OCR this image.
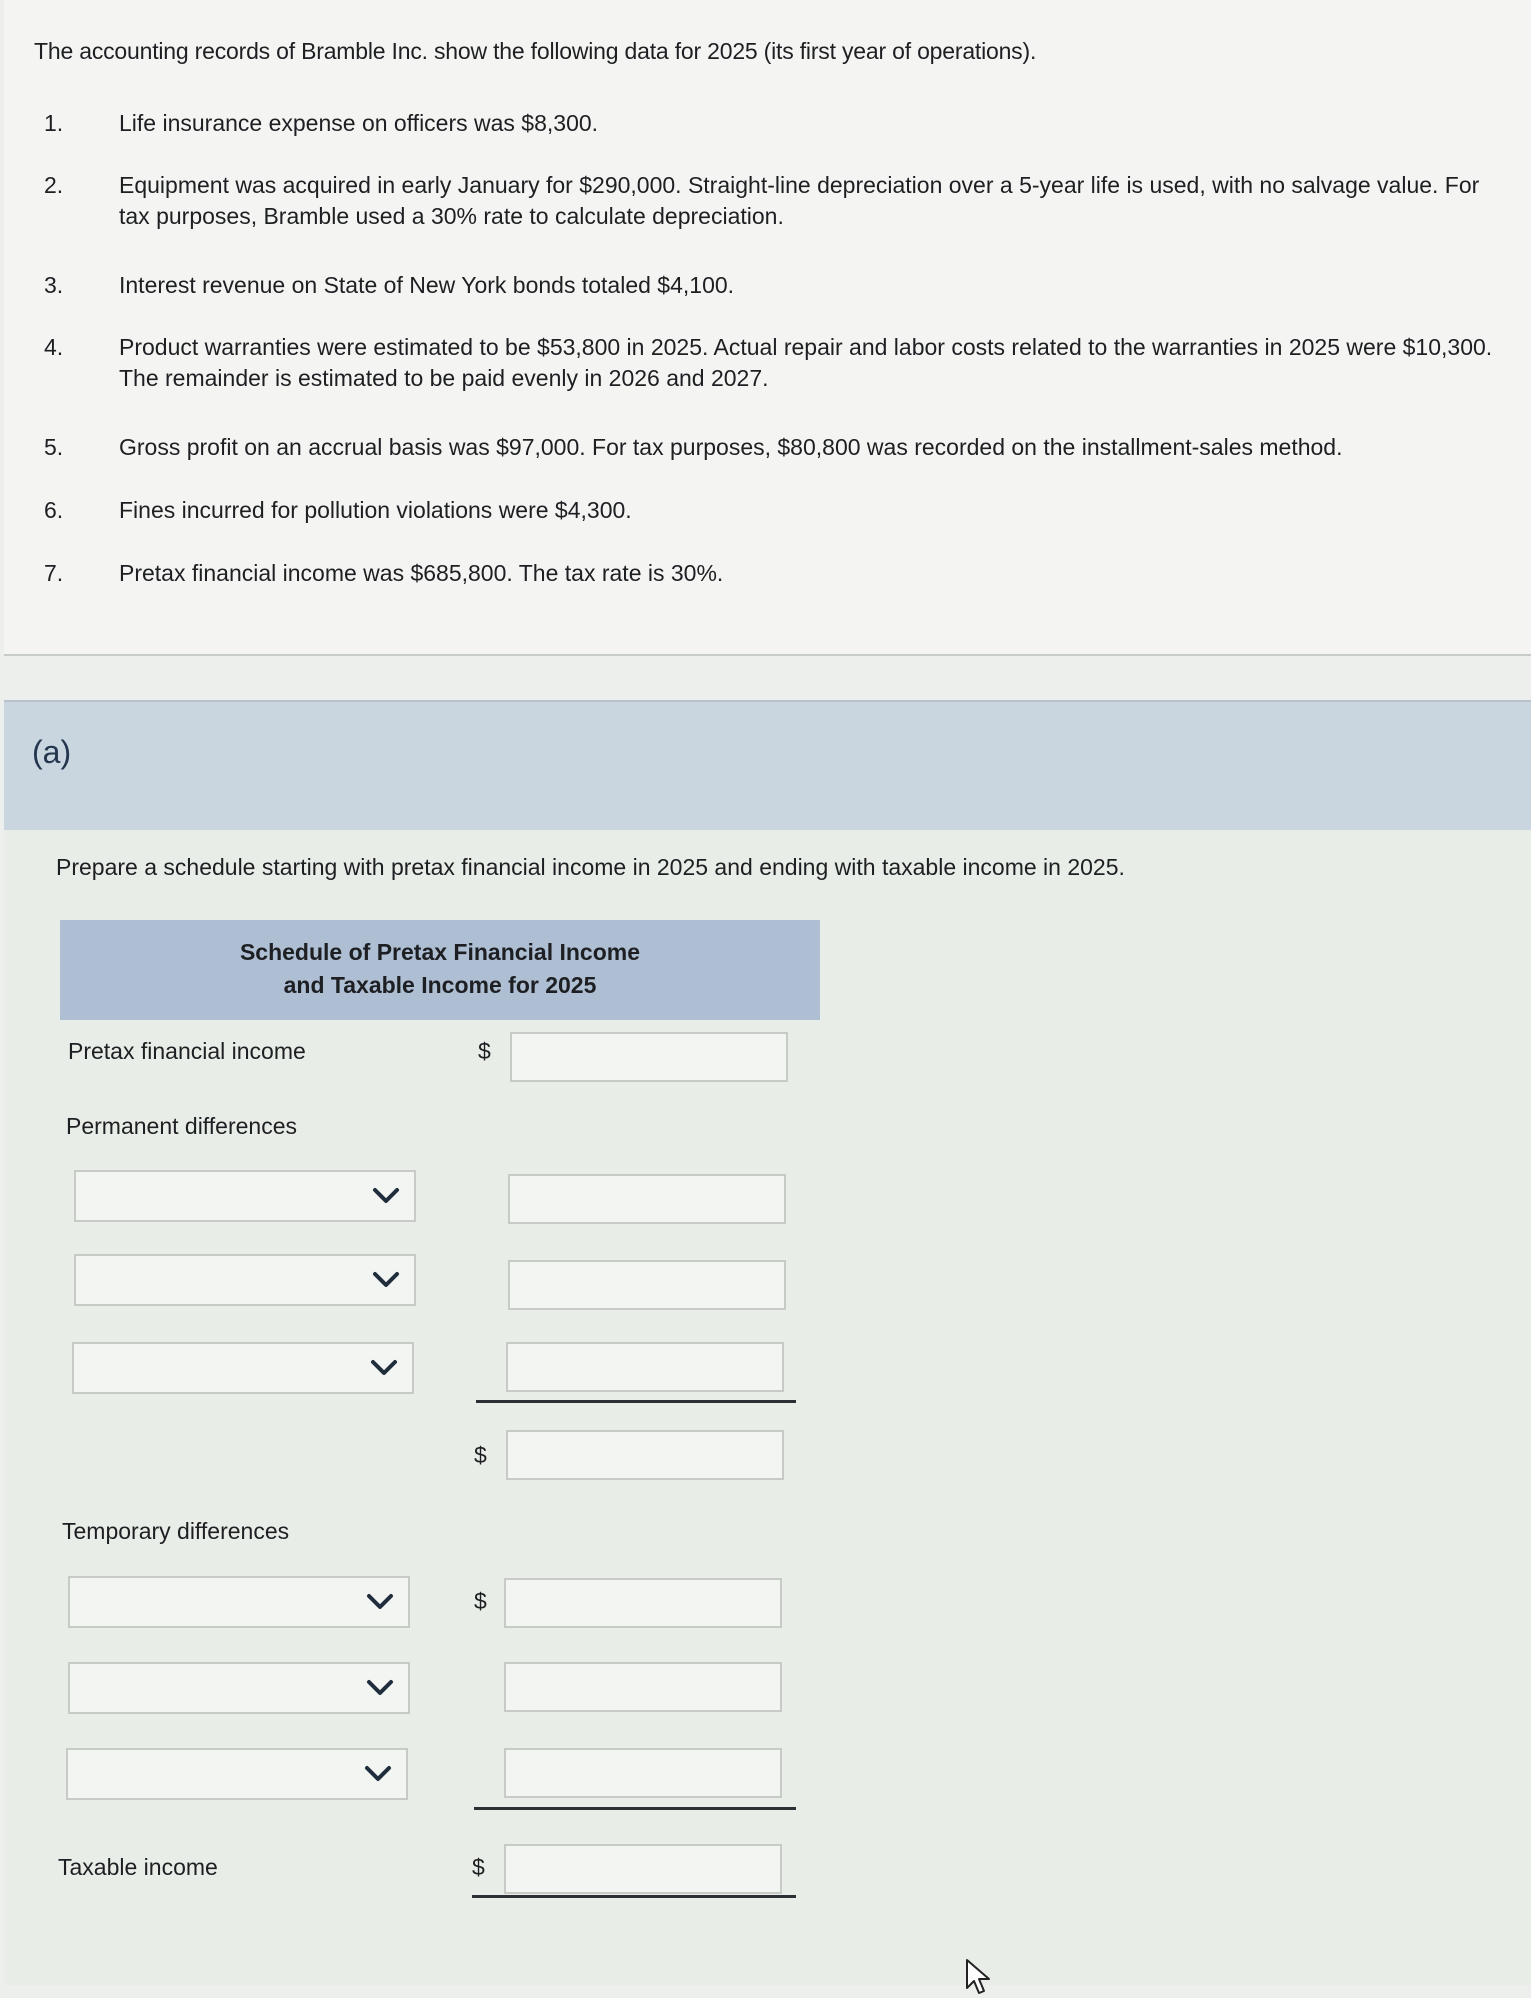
The accounting records of Bramble Inc. show the following data for 2025 (its first year of operations).
1.	Life insurance expense on officers was $8,300.
2.	Equipment was acquired in early January for $290,000. Straight-line depreciation over a 5-year life is used, with no salvage value. For tax purposes, Bramble used a 30% rate to calculate depreciation.
3.	Interest revenue on State of New York bonds totaled $4,100.
4.	Product warranties were estimated to be $53,800 in 2025. Actual repair and labor costs related to the warranties in 2025 were $10,300. The remainder is estimated to be paid evenly in 2026 and 2027.
5.	Gross profit on an accrual basis was $97,000. For tax purposes, $80,800 was recorded on the installment-sales method.
6.	Fines incurred for pollution violations were $4,300.
7.	Pretax financial income was $685,800. The tax rate is 30%.
(a)
Prepare a schedule starting with pretax financial income in 2025 and ending with taxable income in 2025.
Schedule of Pretax Financial Income
and Taxable Income for 2025
Pretax financial income	$
Permanent differences
$
Temporary differences
$
Taxable income	$
